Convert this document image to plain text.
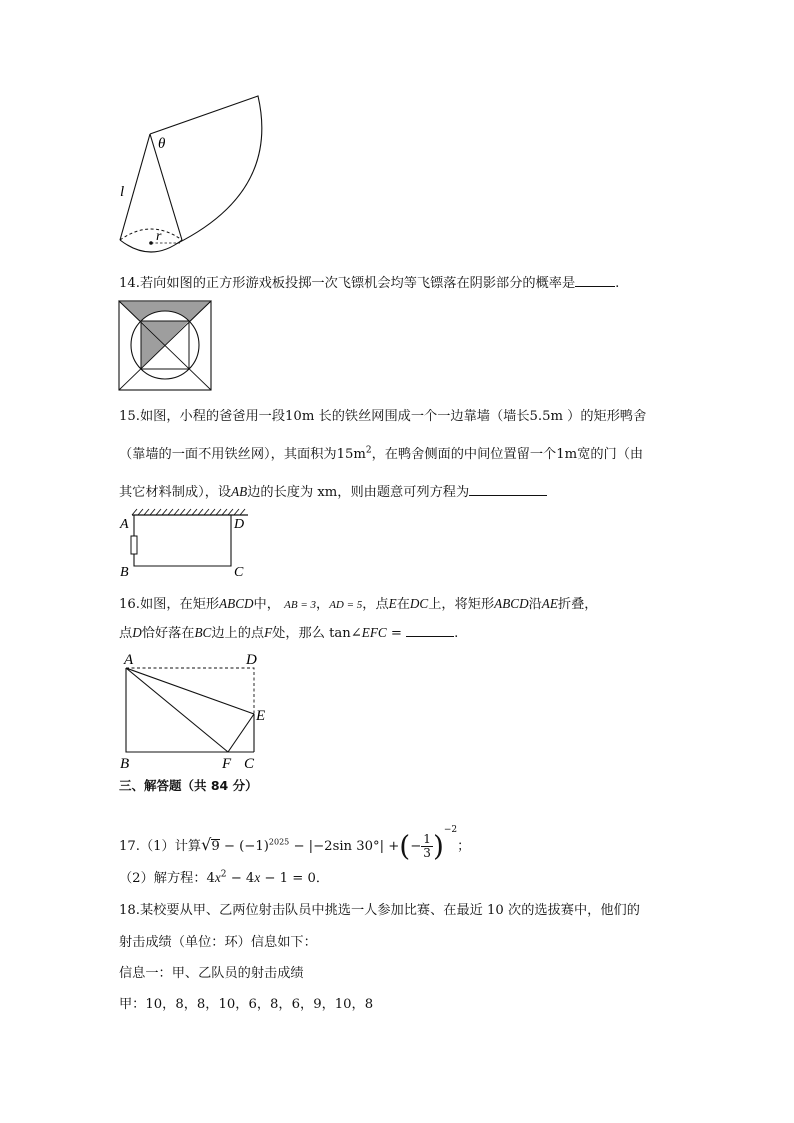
θ
l
r
14.若向如图的正方形游戏板投掷一次飞镖机会均等飞镖落在阴影部分的概率是	.
15.如图，小程的爸爸用一段10m 长的铁丝网围成一个一边靠墙（墙长5.5m ）的矩形鸭舍
（靠墙的一面不用铁丝网），其面积为$15m^2$，在鸭舍侧面的中间位置留一个1m宽的门（由
其它材料制成），设AB边的长度为 xm，则由题意可列方程为
A	D
B	C
16.如图，在矩形ABCD中， AB = 3，AD = 5，点E在DC上，将矩形ABCD沿AE折叠，
点D恰好落在BC边上的点F处，那么 tan∠EFC =	.
A	D
E
B	F C
三、解答题（共 84 分）
17.（1）计算$√9 - (-1)^{2025} - |-2\sin$ 30°| +(− $\frac{1}{3} )^{-2}$；
（2）解方程：$4x^2 - 4x - 1 = 0$．
18.某校要从甲、乙两位射击队员中挑选一人参加比赛、在最近 10 次的选拔赛中，他们的
射击成绩（单位：环）信息如下：
信息一：甲、乙队员的射击成绩
甲：10，8，8，10，6，8，6，9，10，8
